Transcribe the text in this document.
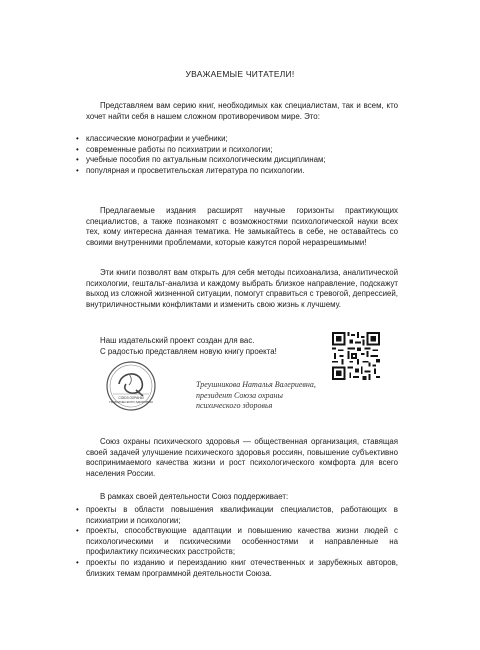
УВАЖАЕМЫЕ ЧИТАТЕЛИ!

Представляем вам серию книг, необходимых как специалистам, так и всем, кто хочет найти себя в нашем сложном противоречивом мире. Это:

• классические монографии и учебники;
• современные работы по психиатрии и психологии;
• учебные пособия по актуальным психологическим дисциплинам;
• популярная и просветительская литература по психологии.

Предлагаемые издания расширят научные горизонты практикующих специалистов, а также познакомят с возможностями психологической науки всех тех, кому интересна данная тематика. Не замыкайтесь в себе, не оставайтесь со своими внутренними проблемами, которые кажутся порой неразрешимыми!

Эти книги позволят вам открыть для себя методы психоанализа, аналитической психологии, гештальт-анализа и каждому выбрать близкое направление, подскажут выход из сложной жизненной ситуации, помогут справиться с тревогой, депрессией, внутриличностными конфликтами и изменить свою жизнь к лучшему.

Наш издательский проект создан для вас.
С радостью представляем новую книгу проекта!
СОЮЗ ОХРАНЫ
ПСИХИЧЕСКОГО ЗДОРОВЬЯ
Треушникова Наталья Валериевна,
президент Союза охраны
психического здоровья

Союз охраны психического здоровья — общественная организация, ставящая своей задачей улучшение психического здоровья россиян, повышение субъективно воспринимаемого качества жизни и рост психологического комфорта для всего населения России.

В рамках своей деятельности Союз поддерживает:

• проекты в области повышения квалификации специалистов, работающих в психиатрии и психологии;
• проекты, способствующие адаптации и повышению качества жизни людей с психологическими и психическими особенностями и направленные на профилактику психических расстройств;
• проекты по изданию и переизданию книг отечественных и зарубежных авторов, близких темам программной деятельности Союза.
